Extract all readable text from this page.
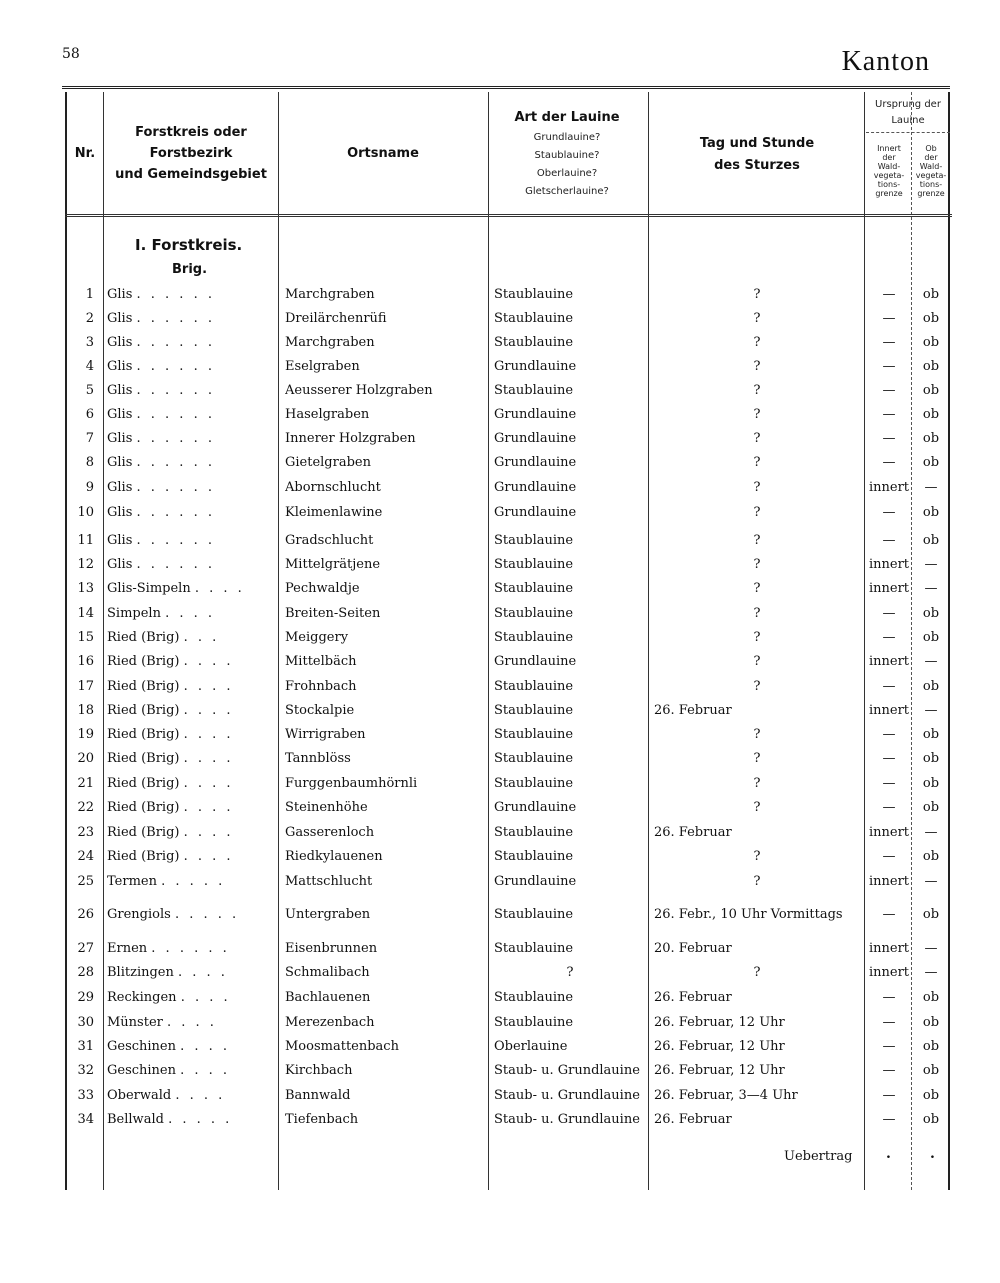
58	Kanton
Nr.
Forstkreis oder
Forstbezirk
und Gemeindsgebiet
Ortsname
Art der Lauine
Grundlauine?
Staublauine?
Oberlauine?
Gletscherlauine?
Tag und Stunde
des Sturzes
Ursprung der
Lauine
Innert
der
Wald-
vegeta-
tions-
grenze
Ob
der
Wald-
vegeta-
tions-
grenze
I. Forstkreis.
Brig.
1 Glis . . . . . .	Marchgraben	Staublauine	?	—	ob
2 Glis . . . . . .	Dreilärchenrüfi	Staublauine	?	—	ob
3 Glis . . . . . .	Marchgraben	Staublauine	?	—	ob
4 Glis . . . . . .	Eselgraben	Grundlauine	?	—	ob
5 Glis . . . . . .	Aeusserer Holzgraben	Staublauine	?	—	ob
6 Glis . . . . . .	Haselgraben	Grundlauine	?	—	ob
7 Glis . . . . . .	Innerer Holzgraben	Grundlauine	?	—	ob
8 Glis . . . . . .	Gietelgraben	Grundlauine	?	—	ob
9 Glis . . . . . .	Abornschlucht	Grundlauine	?	innert	—
10 Glis . . . . . .	Kleimenlawine	Grundlauine	?	—	ob
11 Glis . . . . . .	Gradschlucht	Staublauine	?	—	ob
12 Glis . . . . . .	Mittelgrätjene	Staublauine	?	innert	—
13 Glis-Simpeln . . . .	Pechwaldje	Staublauine	?	innert	—
14 Simpeln . . . .	Breiten-Seiten	Staublauine	?	—	ob
15 Ried (Brig) . . .	Meiggery	Staublauine	?	—	ob
16 Ried (Brig) . . . .	Mittelbäch	Grundlauine	?	innert	—
17 Ried (Brig) . . . .	Frohnbach	Staublauine	?	—	ob
18 Ried (Brig) . . . .	Stockalpie	Staublauine	26. Februar	innert	—
19 Ried (Brig) . . . .	Wirrigraben	Staublauine	?	—	ob
20 Ried (Brig) . . . .	Tannblöss	Staublauine	?	—	ob
21 Ried (Brig) . . . .	Furggenbaumhörnli	Staublauine	?	—	ob
22 Ried (Brig) . . . .	Steinenhöhe	Grundlauine	?	—	ob
23 Ried (Brig) . . . .	Gasserenloch	Staublauine	26. Februar	innert	—
24 Ried (Brig) . . . .	Riedkylauenen	Staublauine	?	—	ob
25 Termen . . . . .	Mattschlucht	Grundlauine	?	innert	—
26 Grengiols . . . . .	Untergraben	Staublauine	26. Febr., 10 Uhr Vormittags	—	ob
27 Ernen . . . . . .	Eisenbrunnen	Staublauine	20. Februar	innert	—
28 Blitzingen . . . .	Schmalibach	?	?	innert	—
29 Reckingen . . . .	Bachlauenen	Staublauine	26. Februar	—	ob
30 Münster . . . .	Merezenbach	Staublauine	26. Februar, 12 Uhr	—	ob
31 Geschinen . . . .	Moosmattenbach	Oberlauine	26. Februar, 12 Uhr	—	ob
32 Geschinen . . . .	Kirchbach	Staub- u. Grundlauine	26. Februar, 12 Uhr	—	ob
33 Oberwald . . . .	Bannwald	Staub- u. Grundlauine	26. Februar, 3—4 Uhr	—	ob
34 Bellwald . . . . .	Tiefenbach	Staub- u. Grundlauine	26. Februar	—	ob
Uebertrag .	.
